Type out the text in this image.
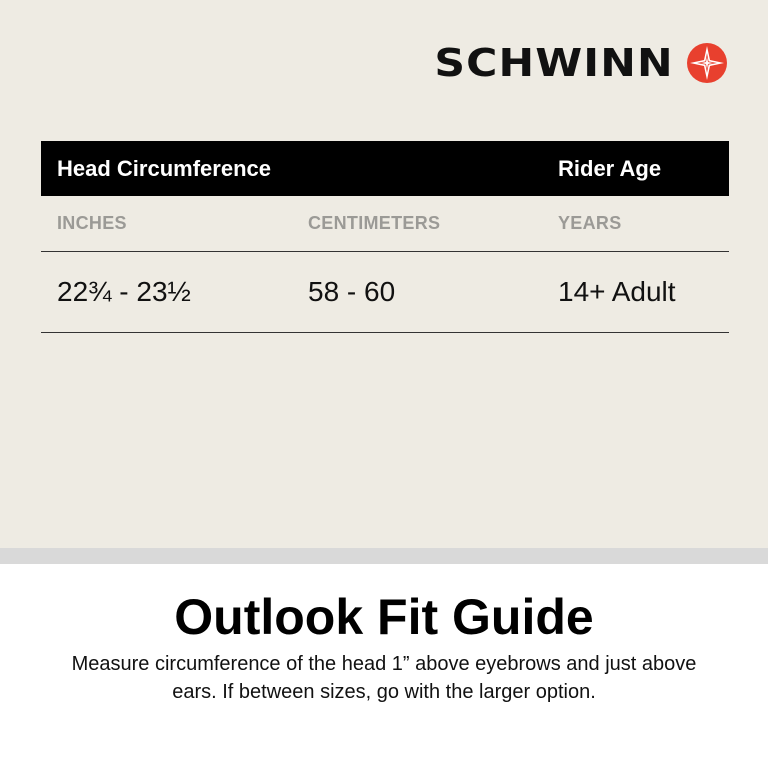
SCHWINN
Head Circumference	Rider Age
INCHES	CENTIMETERS	YEARS
22¾ - 23½	58 - 60	14+ Adult
Outlook Fit Guide
Measure circumference of the head 1” above eyebrows and just above ears. If between sizes, go with the larger option.
